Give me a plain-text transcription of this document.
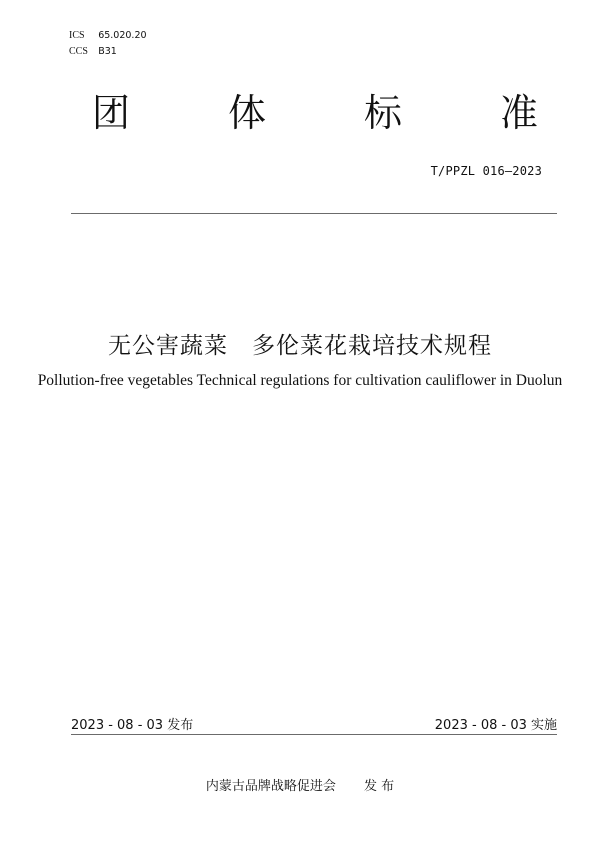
ICS 65.020.20
CCS B31
团	体	标	准
T/PPZL 016—2023
无公害蔬菜　多伦菜花栽培技术规程
Pollution-free vegetables Technical regulations for cultivation cauliflower in Duolun
2023 - 08 - 03 发布	2023 - 08 - 03 实施
内蒙古品牌战略促进会 发 布
